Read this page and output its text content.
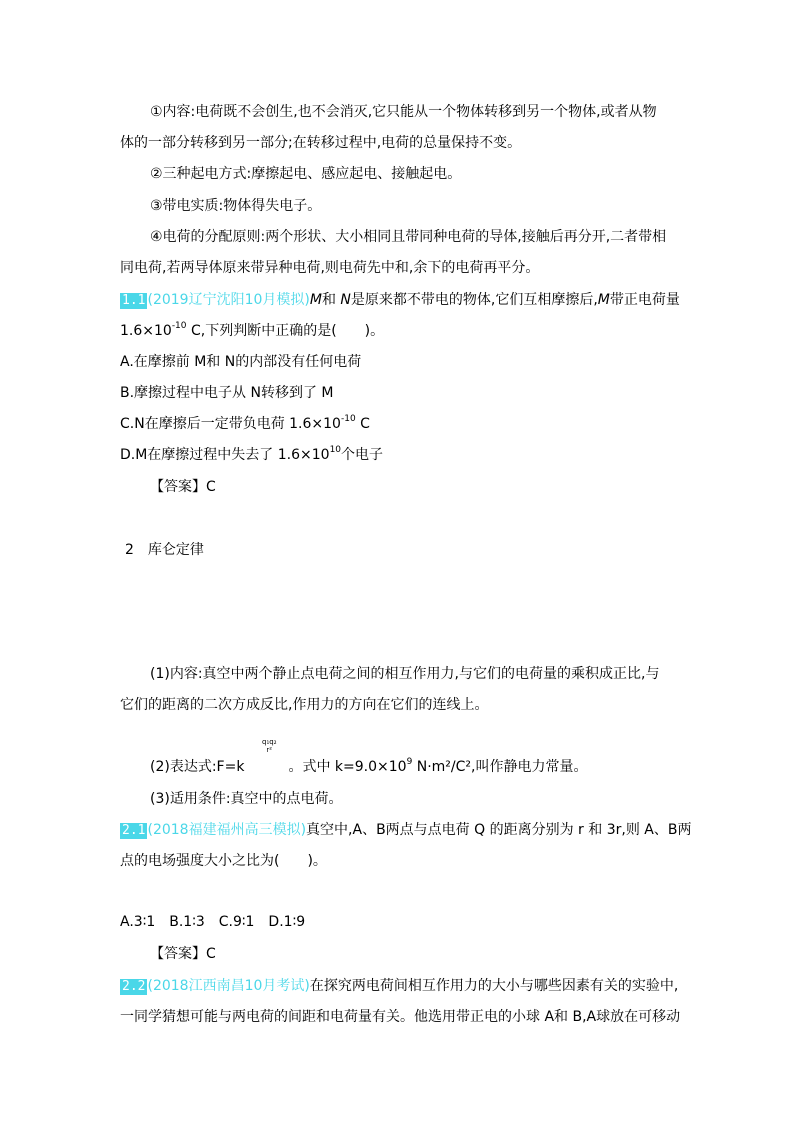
①内容:电荷既不会创生,也不会消灭,它只能从一个物体转移到另一个物体,或者从物
体的一部分转移到另一部分;在转移过程中,电荷的总量保持不变。
②三种起电方式:摩擦起电、感应起电、接触起电。
③带电实质:物体得失电子。
④电荷的分配原则:两个形状、大小相同且带同种电荷的导体,接触后再分开,二者带相
同电荷,若两导体原来带异种电荷,则电荷先中和,余下的电荷再平分。
1.1 (2019辽宁沈阳10月模拟)M和 N是原来都不带电的物体,它们互相摩擦后,M带正电荷量
$1.6\times 10^{-10}$ C,下列判断中正确的是(　　)。
A.在摩擦前 M和 N的内部没有任何电荷
B.摩擦过程中电子从 N转移到了 M
C.N在摩擦后一定带负电荷 $1.6\times 10^{-10}$ C
D.M在摩擦过程中失去了 $1.6\times 10^{10}$个电子
【答案】C
2　库仑定律
(1)内容:真空中两个静止点电荷之间的相互作用力,与它们的电荷量的乘积成正比,与
它们的距离的二次方成反比,作用力的方向在它们的连线上。
q₁q₂
r²
(2)表达式:F=k	。式中 $k=9.0\times 10^9$ N·m²/C²,叫作静电力常量。
(3)适用条件:真空中的点电荷。
2.1 (2018福建福州高三模拟)真空中,A、B两点与点电荷 Q 的距离分别为 r 和 3r,则 A、B两
点的电场强度大小之比为(　　)。
A.3∶1　B.1∶3　C.9∶1　D.1∶9
【答案】C
2.2 (2018江西南昌10月考试)在探究两电荷间相互作用力的大小与哪些因素有关的实验中,
一同学猜想可能与两电荷的间距和电荷量有关。他选用带正电的小球 A和 B,A球放在可移动
